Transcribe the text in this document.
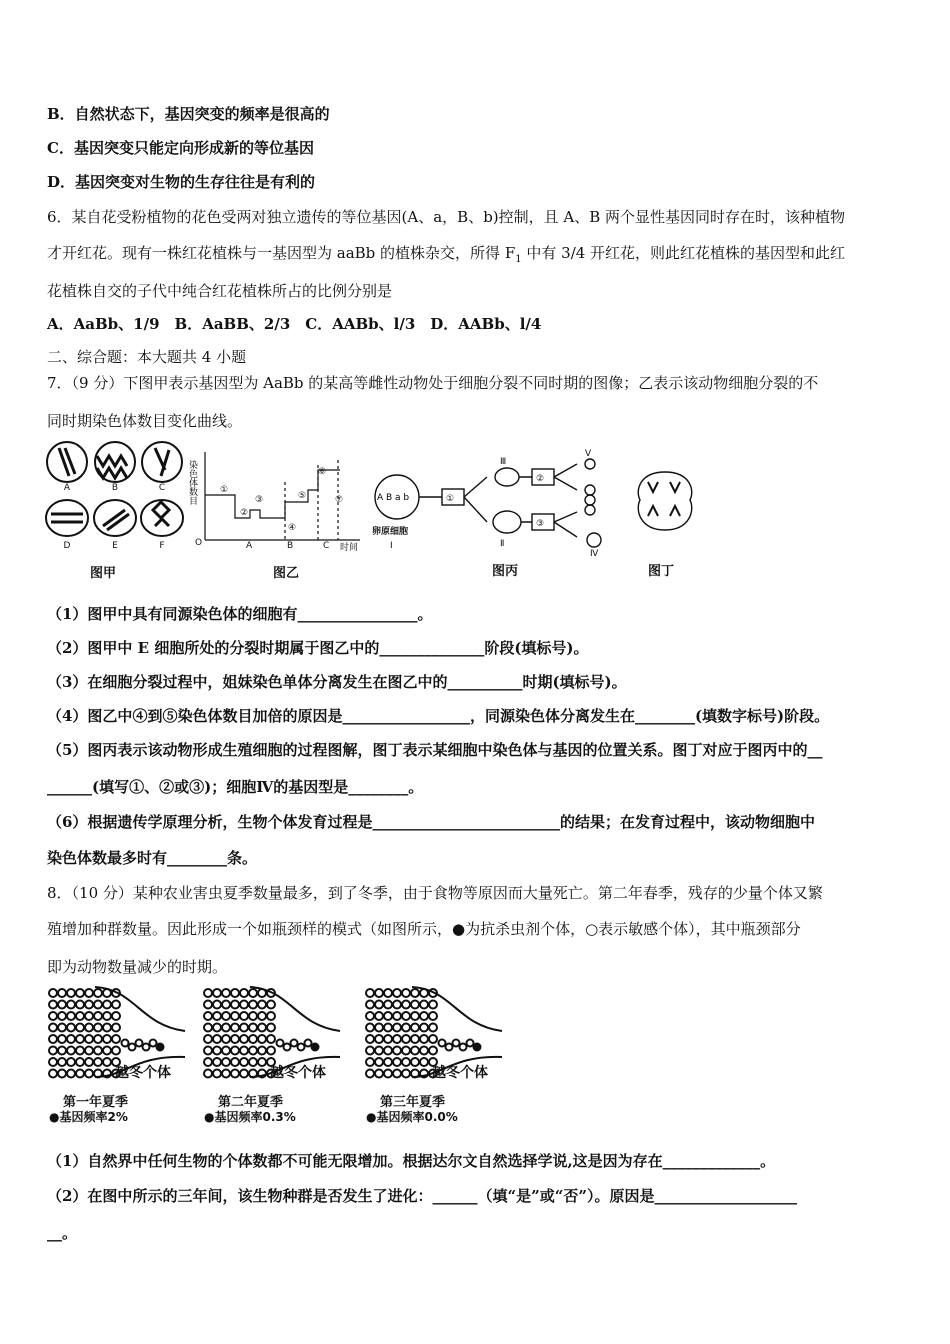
B．自然状态下，基因突变的频率是很高的
C．基因突变只能定向形成新的等位基因
D．基因突变对生物的生存往往是有利的
6．某自花受粉植物的花色受两对独立遗传的等位基因(A、a，B、b)控制，且 A、B 两个显性基因同时存在时，该种植物
才开红花。现有一株红花植株与一基因型为 aaBb 的植株杂交，所得 $F_1$ 中有 3/4 开红花，则此红花植株的基因型和此红
花植株自交的子代中纯合红花植株所占的比例分别是
A．AaBb、1/9　B．AaBB、2/3　C．AABb、l/3　D．AABb、l/4
二、综合题：本大题共 4 小题
7．（9 分）下图甲表示基因型为 AaBb 的某高等雌性动物处于细胞分裂不同时期的图像；乙表示该动物细胞分裂的不
同时期染色体数目变化曲线。
A	B	C
D	E	F
图甲
染色体数目
O
①
②
③
④
⑤
⑥
⑦
A	B	C 时间
图乙
A B a b	①
②
③
卵原细胞
Ⅰ	Ⅱ
Ⅲ
Ⅳ
Ⅴ
图丙	图丁
（1）图甲中具有同源染色体的细胞有________________。
（2）图甲中 E 细胞所处的分裂时期属于图乙中的______________阶段(填标号)。
（3）在细胞分裂过程中，姐妹染色单体分离发生在图乙中的__________时期(填标号)。
（4）图乙中④到⑤染色体数目加倍的原因是_________________，同源染色体分离发生在________(填数字标号)阶段。
（5）图丙表示该动物形成生殖细胞的过程图解，图丁表示某细胞中染色体与基因的位置关系。图丁对应于图丙中的__
______(填写①、②或③)；细胞Ⅳ的基因型是________。
（6）根据遗传学原理分析，生物个体发育过程是_________________________的结果；在发育过程中，该动物细胞中
染色体数最多时有________条。
8．（10 分）某种农业害虫夏季数量最多，到了冬季，由于食物等原因而大量死亡。第二年春季，残存的少量个体又繁
殖增加种群数量。因此形成一个如瓶颈样的模式（如图所示，●为抗杀虫剂个体，○表示敏感个体），其中瓶颈部分
即为动物数量减少的时期。
越冬个体
第一年夏季
●基因频率2%
越冬个体
第二年夏季
●基因频率0.3%
越冬个体
第三年夏季
●基因频率0.0%
（1）自然界中任何生物的个体数都不可能无限增加。根据达尔文自然选择学说,这是因为存在_____________。
（2）在图中所示的三年间，该生物种群是否发生了进化：______（填“是”或“否”）。原因是___________________
__。
